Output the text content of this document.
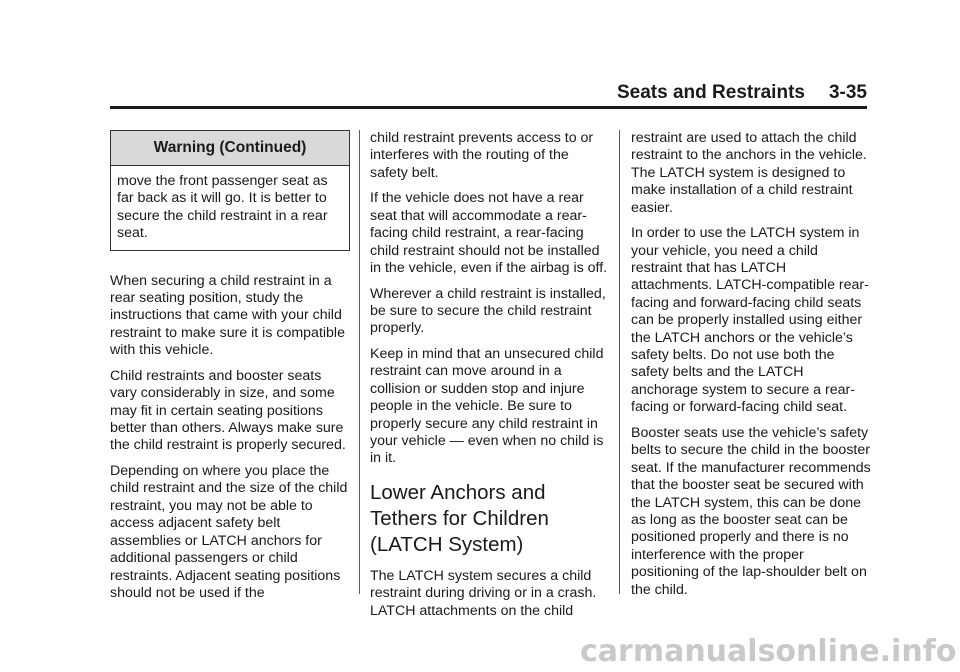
Seats and Restraints 3-35
Warning (Continued)
move the front passenger seat as far back as it will go. It is better to secure the child restraint in a rear seat.

When securing a child restraint in a rear seating position, study the instructions that came with your child restraint to make sure it is compatible with this vehicle.

Child restraints and booster seats vary considerably in size, and some may fit in certain seating positions better than others. Always make sure the child restraint is properly secured.

Depending on where you place the child restraint and the size of the child restraint, you may not be able to access adjacent safety belt assemblies or LATCH anchors for additional passengers or child restraints. Adjacent seating positions should not be used if the

child restraint prevents access to or interferes with the routing of the safety belt.

If the vehicle does not have a rear seat that will accommodate a rear-facing child restraint, a rear-facing child restraint should not be installed in the vehicle, even if the airbag is off.

Wherever a child restraint is installed, be sure to secure the child restraint properly.

Keep in mind that an unsecured child restraint can move around in a collision or sudden stop and injure people in the vehicle. Be sure to properly secure any child restraint in your vehicle — even when no child is in it.

Lower Anchors and Tethers for Children (LATCH System)

The LATCH system secures a child restraint during driving or in a crash. LATCH attachments on the child

restraint are used to attach the child restraint to the anchors in the vehicle. The LATCH system is designed to make installation of a child restraint easier.

In order to use the LATCH system in your vehicle, you need a child restraint that has LATCH attachments. LATCH-compatible rear-facing and forward-facing child seats can be properly installed using either the LATCH anchors or the vehicle’s safety belts. Do not use both the safety belts and the LATCH anchorage system to secure a rear-facing or forward-facing child seat.

Booster seats use the vehicle’s safety belts to secure the child in the booster seat. If the manufacturer recommends that the booster seat be secured with the LATCH system, this can be done as long as the booster seat can be positioned properly and there is no interference with the proper positioning of the lap-shoulder belt on the child.

carmanualsonline.info
